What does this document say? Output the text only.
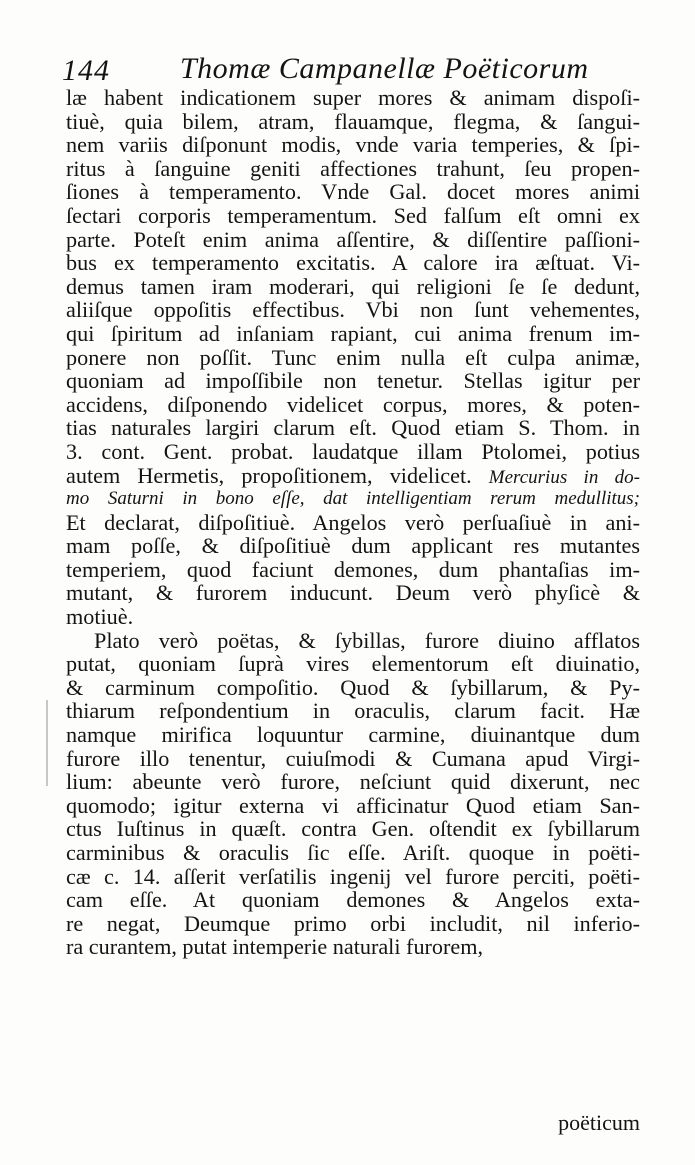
144 Thomæ Campanellæ Poëticorum
læ habent indicationem super mores & animam dispoſi-
tiuè, quia bilem, atram, flauamque, flegma, & ſangui-
nem variis diſponunt modis, vnde varia temperies, & ſpi-
ritus à ſanguine geniti affectiones trahunt, ſeu propen-
ſiones à temperamento. Vnde Gal. docet mores animi
ſectari corporis temperamentum. Sed falſum eſt omni ex
parte. Poteſt enim anima aſſentire, & diſſentire paſſioni-
bus ex temperamento excitatis. A calore ira æſtuat. Vi-
demus tamen iram moderari, qui religioni ſe ſe dedunt,
aliiſque oppoſitis effectibus. Vbi non ſunt vehementes,
qui ſpiritum ad inſaniam rapiant, cui anima frenum im-
ponere non poſſit. Tunc enim nulla eſt culpa animæ,
quoniam ad impoſſibile non tenetur. Stellas igitur per
accidens, diſponendo videlicet corpus, mores, & poten-
tias naturales largiri clarum eſt. Quod etiam S. Thom. in
3. cont. Gent. probat. laudatque illam Ptolomei, potius
autem Hermetis, propoſitionem, videlicet. Mercurius in do-
mo Saturni in bono eſſe, dat intelligentiam rerum medullitus;
Et declarat, diſpoſitiuè. Angelos verò perſuaſiuè in ani-
mam poſſe, & diſpoſitiuè dum applicant res mutantes
temperiem, quod faciunt demones, dum phantaſias im-
mutant, & furorem inducunt. Deum verò phyſicè &
motiuè.
Plato verò poëtas, & ſybillas, furore diuino afflatos
putat, quoniam ſuprà vires elementorum eſt diuinatio,
& carminum compoſitio. Quod & ſybillarum, & Py-
thiarum reſpondentium in oraculis, clarum facit. Hæ
namque mirifica loquuntur carmine, diuinantque dum
furore illo tenentur, cuiuſmodi & Cumana apud Virgi-
lium: abeunte verò furore, neſciunt quid dixerunt, nec
quomodo; igitur externa vi afficinatur Quod etiam San-
ctus Iuſtinus in quæſt. contra Gen. oſtendit ex ſybillarum
carminibus & oraculis ſic eſſe. Ariſt. quoque in poëti-
cæ c. 14. aſſerit verſatilis ingenij vel furore perciti, poëti-
cam eſſe. At quoniam demones & Angelos exta-
re negat, Deumque primo orbi includit, nil inferio-
ra curantem, putat intemperie naturali furorem,
poëticum
